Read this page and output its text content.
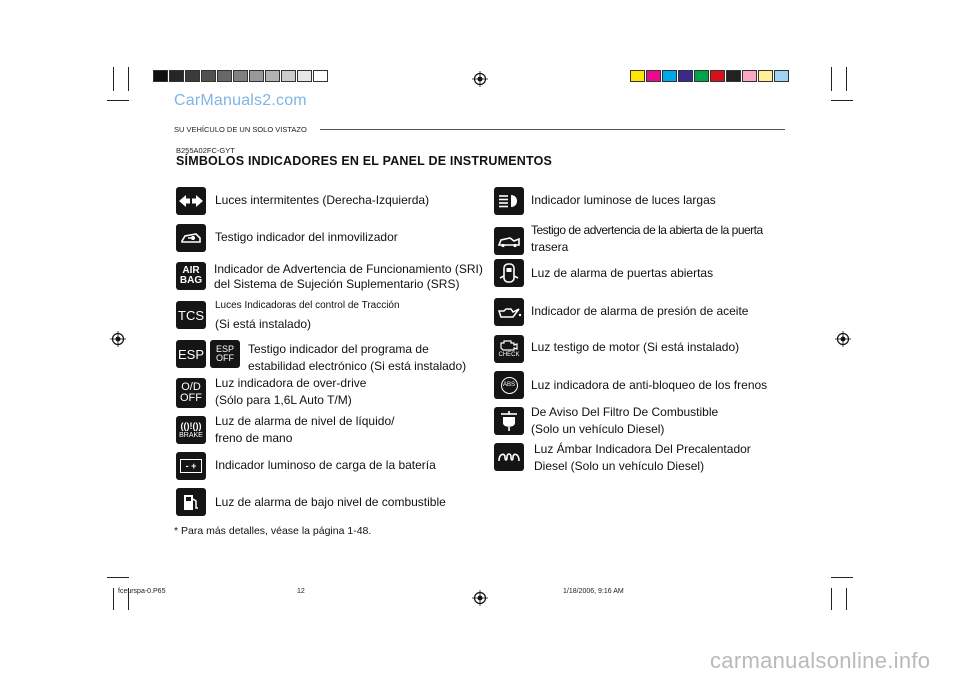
CarManuals2.com
SU VEHÍCULO DE UN SOLO VISTAZO
B255A02FC-GYT
SÍMBOLOS INDICADORES EN EL PANEL DE INSTRUMENTOS
Luces intermitentes (Derecha-Izquierda)
Testigo indicador del inmovilizador
AIR
BAG
Indicador de Advertencia de Funcionamiento (SRI)
del Sistema de Sujeción Suplementario (SRS)
TCS
Luces Indicadoras del control de Tracción
(Si está instalado)
ESP ESP
OFF
Testigo indicador del programa de
estabilidad electrónico (Si está instalado)
O/D
OFF
Luz indicadora de over-drive
(Sólo para 1,6L Auto T/M)
(()!())
BRAKE
Luz de alarma de nivel de líquido/
freno de mano
- + Indicador luminoso de carga de la batería
Luz de alarma de bajo nivel de combustible
Indicador luminose de luces largas
Testigo de advertencia de la abierta de la puerta
trasera
Luz de alarma de puertas abiertas
Indicador de alarma de presión de aceite
CHECK
Luz testigo de motor (Si está instalado)
ABS Luz indicadora de anti-bloqueo de los frenos
De Aviso Del Filtro De Combustible
(Solo un vehículo Diesel)
Luz Ámbar Indicadora Del Precalentador
Diesel (Solo un vehículo Diesel)
* Para más detalles, véase la página 1-48.
fceurspa-0.P65	12	1/18/2006, 9:16 AM
carmanualsonline.info
